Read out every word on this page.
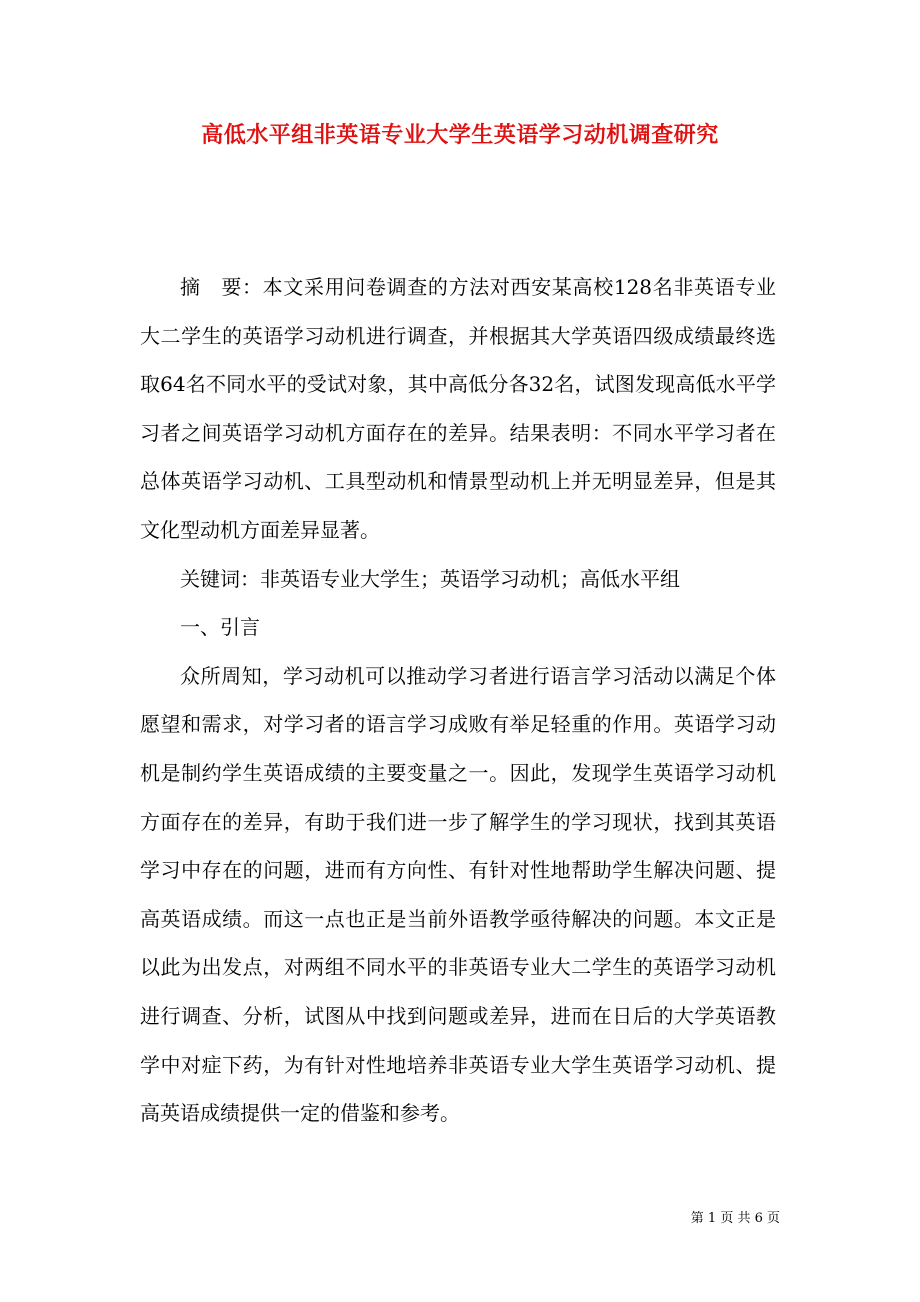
高低水平组非英语专业大学生英语学习动机调查研究

摘　要：本文采用问卷调查的方法对西安某高校128名非英语专业大二学生的英语学习动机进行调查，并根据其大学英语四级成绩最终选取64名不同水平的受试对象，其中高低分各32名，试图发现高低水平学习者之间英语学习动机方面存在的差异。结果表明：不同水平学习者在总体英语学习动机、工具型动机和情景型动机上并无明显差异，但是其文化型动机方面差异显著。

关键词：非英语专业大学生；英语学习动机；高低水平组

一、引言

众所周知，学习动机可以推动学习者进行语言学习活动以满足个体愿望和需求，对学习者的语言学习成败有举足轻重的作用。英语学习动机是制约学生英语成绩的主要变量之一。因此，发现学生英语学习动机方面存在的差异，有助于我们进一步了解学生的学习现状，找到其英语学习中存在的问题，进而有方向性、有针对性地帮助学生解决问题、提高英语成绩。而这一点也正是当前外语教学亟待解决的问题。本文正是以此为出发点，对两组不同水平的非英语专业大二学生的英语学习动机进行调查、分析，试图从中找到问题或差异，进而在日后的大学英语教学中对症下药，为有针对性地培养非英语专业大学生英语学习动机、提高英语成绩提供一定的借鉴和参考。

第 1 页 共 6 页
